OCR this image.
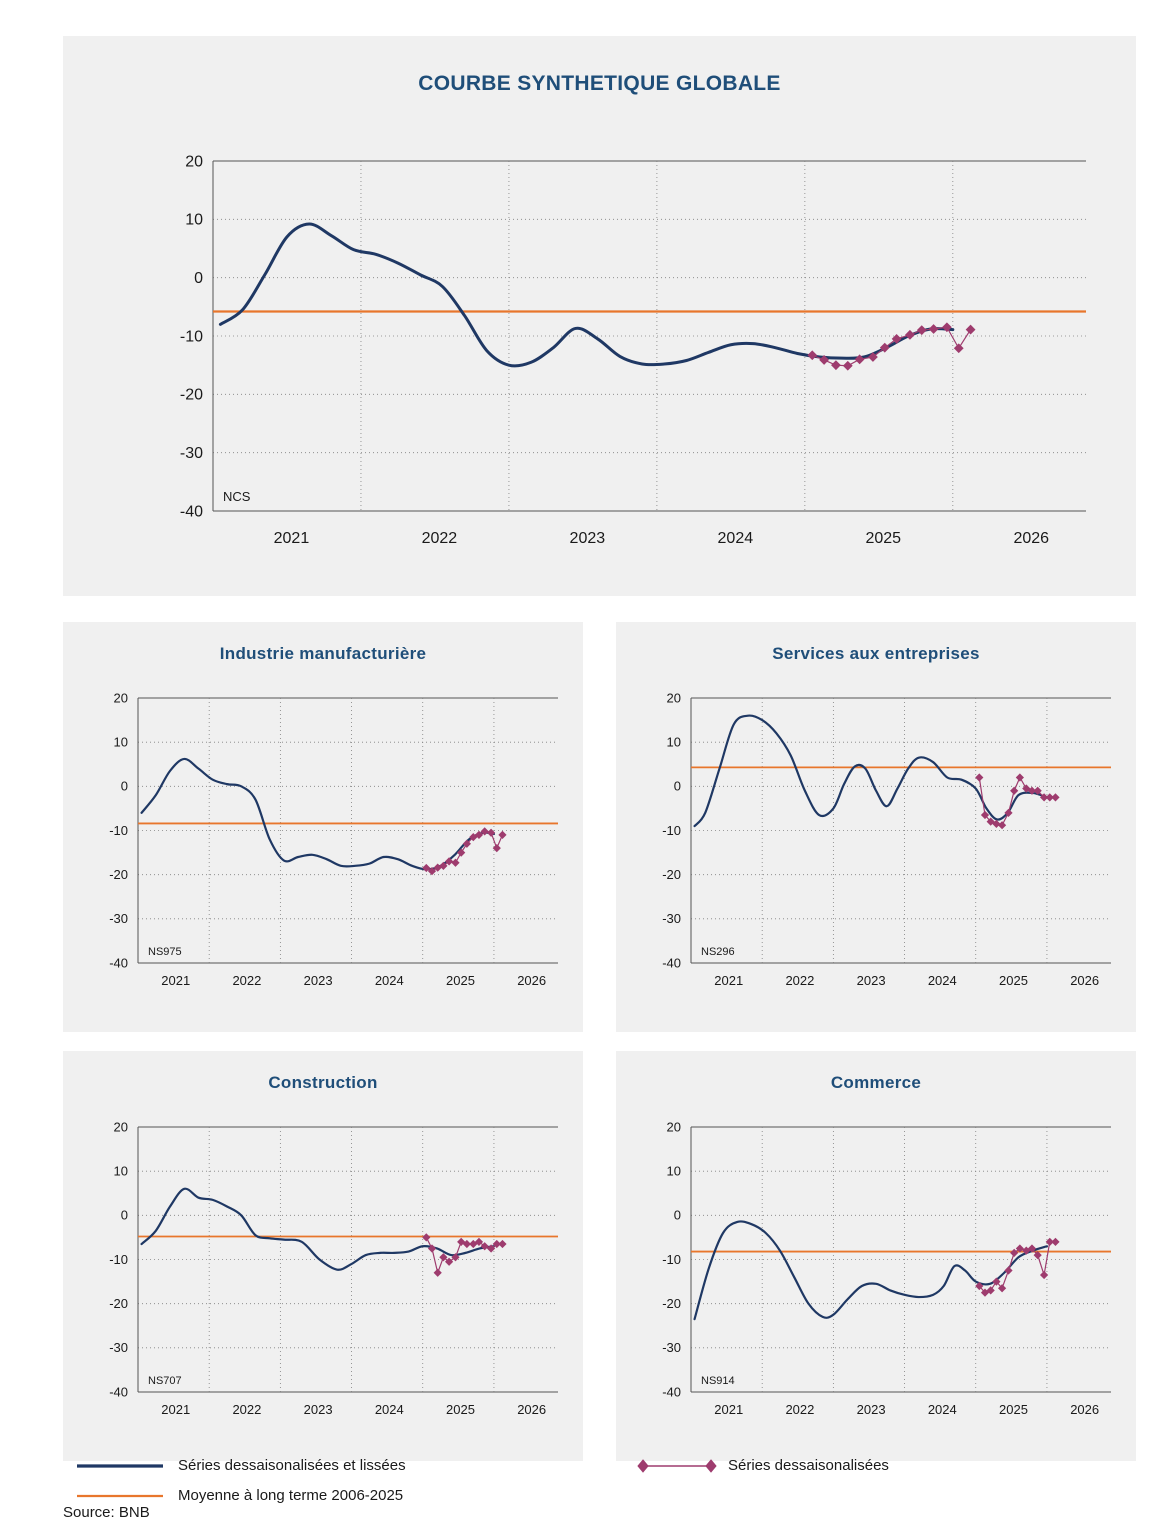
COURBE SYNTHETIQUE GLOBALE
20
10
0
-10
-20
-30
-40
2021	2022	2023	2024	2025	2026
NCS
Industrie manufacturière
20
10
0
-10
-20
-30
-40
2021	2022	2023	2024	2025	2026
NS975
Services aux entreprises
20
10
0
-10
-20
-30
-40
2021	2022	2023	2024	2025	2026
NS296
Construction
20
10
0
-10
-20
-30
-40
2021	2022	2023	2024	2025	2026
NS707
Commerce
20
10
0
-10
-20
-30
-40
2021	2022	2023	2024	2025	2026
NS914
Séries dessaisonalisées et lissées
Moyenne à long terme 2006-2025
Séries dessaisonalisées
Source: BNB
